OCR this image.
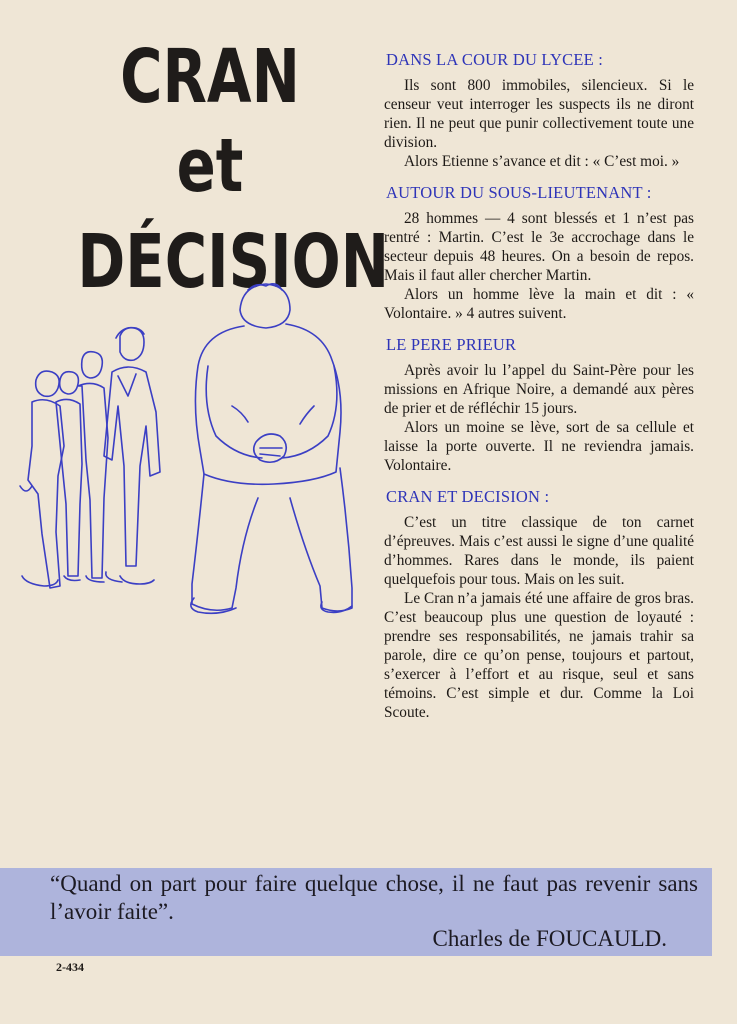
CRAN
et DÉCISION
DANS LA COUR DU LYCEE :

Ils sont 800 immobiles, silencieux. Si le censeur veut interroger les suspects ils ne diront rien. Il ne peut que punir collectivement toute une division.

Alors Etienne s’avance et dit : « C’est moi. »

AUTOUR DU SOUS-LIEUTENANT :

28 hommes — 4 sont blessés et 1 n’est pas rentré : Martin. C’est le 3e accrochage dans le secteur depuis 48 heures. On a besoin de repos. Mais il faut aller chercher Martin.

Alors un homme lève la main et dit : « Volontaire. » 4 autres suivent.

LE PERE PRIEUR

Après avoir lu l’appel du Saint-Père pour les missions en Afrique Noire, a demandé aux pères de prier et de réfléchir 15 jours.

Alors un moine se lève, sort de sa cellule et laisse la porte ouverte. Il ne reviendra jamais. Volontaire.

CRAN ET DECISION :

C’est un titre classique de ton carnet d’épreuves. Mais c’est aussi le signe d’une qualité d’hommes. Rares dans le monde, ils paient quelquefois pour tous. Mais on les suit.

Le Cran n’a jamais été une affaire de gros bras. C’est beaucoup plus une question de loyauté : prendre ses responsabilités, ne jamais trahir sa parole, dire ce qu’on pense, toujours et partout, s’exercer à l’effort et au risque, seul et sans témoins. C’est simple et dur. Comme la Loi Scoute.

“Quand on part pour faire quelque chose, il ne faut pas revenir sans l’avoir faite”.

Charles de FOUCAULD.

2-434
